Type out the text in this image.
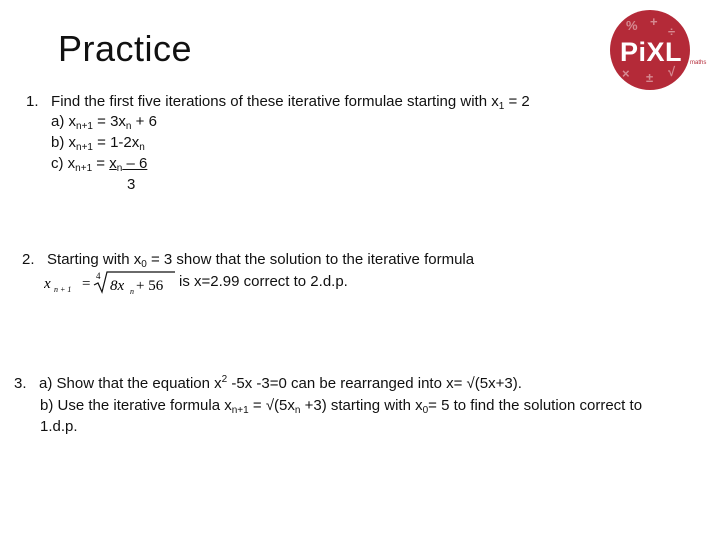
Practice
% +
÷
× ± √
PiXL maths
1. Find the first five iterations of these iterative formulae starting with $x_1 = 2$
a) $x_{n+1} = 3x_n + 6$
b) $x_{n+1} = 1-2x_n$
c) $x_{n+1} = x_n - 6$
3
2. Starting with $x_0 = 3$ show that the solution to the iterative formula
x n + 1 = 4
8x n + 56 is x=2.99 correct to 2.d.p.
3. a) Show that the equation $x^2$ -5x -3=0 can be rearranged into x= √(5x+3).
b) Use the iterative formula $x_{n+1} = √(5x_n +3)$ starting with $x_0= 5$ to find the solution correct to
1.d.p.
